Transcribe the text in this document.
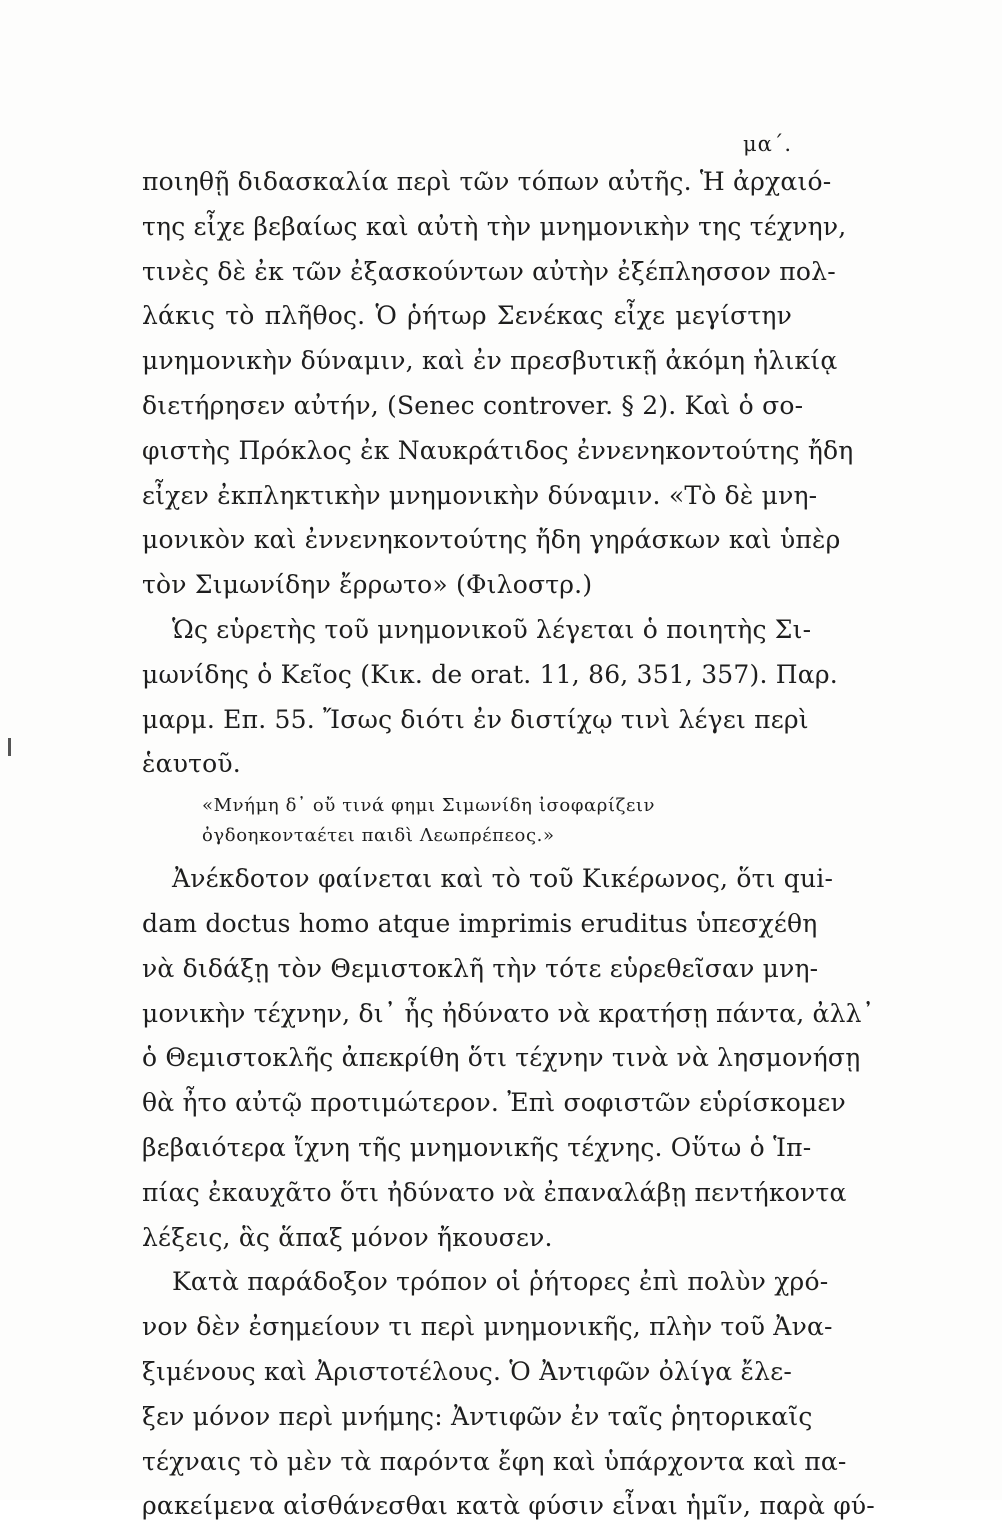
μα΄.
ποιηθῇ διδασκαλία περὶ τῶν τόπων αὐτῆς. Ἡ ἀρχαιό-
της εἶχε βεβαίως καὶ αὐτὴ τὴν μνημονικὴν της τέχνην,
τινὲς δὲ ἐκ τῶν ἐξασκούντων αὐτὴν ἐξέπλησσον πολ-
λάκις τὸ πλῆθος. Ὁ ῥήτωρ Σενέκας εἶχε μεγίστην
μνημονικὴν δύναμιν, καὶ ἐν πρεσβυτικῇ ἀκόμη ἡλικίᾳ
διετήρησεν αὐτήν, (Senec controver. § 2). Καὶ ὁ σο-
φιστὴς Πρόκλος ἐκ Ναυκράτιδος ἐννενηκοντούτης ἤδη
εἶχεν ἐκπληκτικὴν μνημονικὴν δύναμιν. «Τὸ δὲ μνη-
μονικὸν καὶ ἐννενηκοντούτης ἤδη γηράσκων καὶ ὑπὲρ
τὸν Σιμωνίδην ἔρρωτο» (Φιλοστρ.)
Ὡς εὑρετὴς τοῦ μνημονικοῦ λέγεται ὁ ποιητὴς Σι-
μωνίδης ὁ Κεῖος (Κικ. de orat. 11, 86, 351, 357). Παρ.
μαρμ. Επ. 55. Ἴσως διότι ἐν διστίχῳ τινὶ λέγει περὶ
ἑαυτοῦ.
«Μνήμη δ᾽ οὔ τινά φημι Σιμωνίδη ἰσοφαρίζειν
ὀγδοηκονταέτει παιδὶ Λεωπρέπεος.»
Ἀνέκδοτον φαίνεται καὶ τὸ τοῦ Κικέρωνος, ὅτι qui-
dam doctus homo atque imprimis eruditus ὑπεσχέθη
νὰ διδάξῃ τὸν Θεμιστοκλῆ τὴν τότε εὑρεθεῖσαν μνη-
μονικὴν τέχνην, δι᾽ ἧς ἠδύνατο νὰ κρατήσῃ πάντα, ἀλλ᾽
ὁ Θεμιστοκλῆς ἀπεκρίθη ὅτι τέχνην τινὰ νὰ λησμονήσῃ
θὰ ἦτο αὐτῷ προτιμώτερον. Ἐπὶ σοφιστῶν εὑρίσκομεν
βεβαιότερα ἴχνη τῆς μνημονικῆς τέχνης. Οὕτω ὁ Ἱπ-
πίας ἐκαυχᾶτο ὅτι ἠδύνατο νὰ ἐπαναλάβῃ πεντήκοντα
λέξεις, ἃς ἅπαξ μόνον ἤκουσεν.
Κατὰ παράδοξον τρόπον οἱ ῥήτορες ἐπὶ πολὺν χρό-
νον δὲν ἐσημείουν τι περὶ μνημονικῆς, πλὴν τοῦ Ἀνα-
ξιμένους καὶ Ἀριστοτέλους. Ὁ Ἀντιφῶν ὀλίγα ἔλε-
ξεν μόνον περὶ μνήμης: Ἀντιφῶν ἐν ταῖς ῥητορικαῖς
τέχναις τὸ μὲν τὰ παρόντα ἔφη καὶ ὑπάρχοντα καὶ πα-
ρακείμενα αἰσθάνεσθαι κατὰ φύσιν εἶναι ἡμῖν, παρὰ φύ-
